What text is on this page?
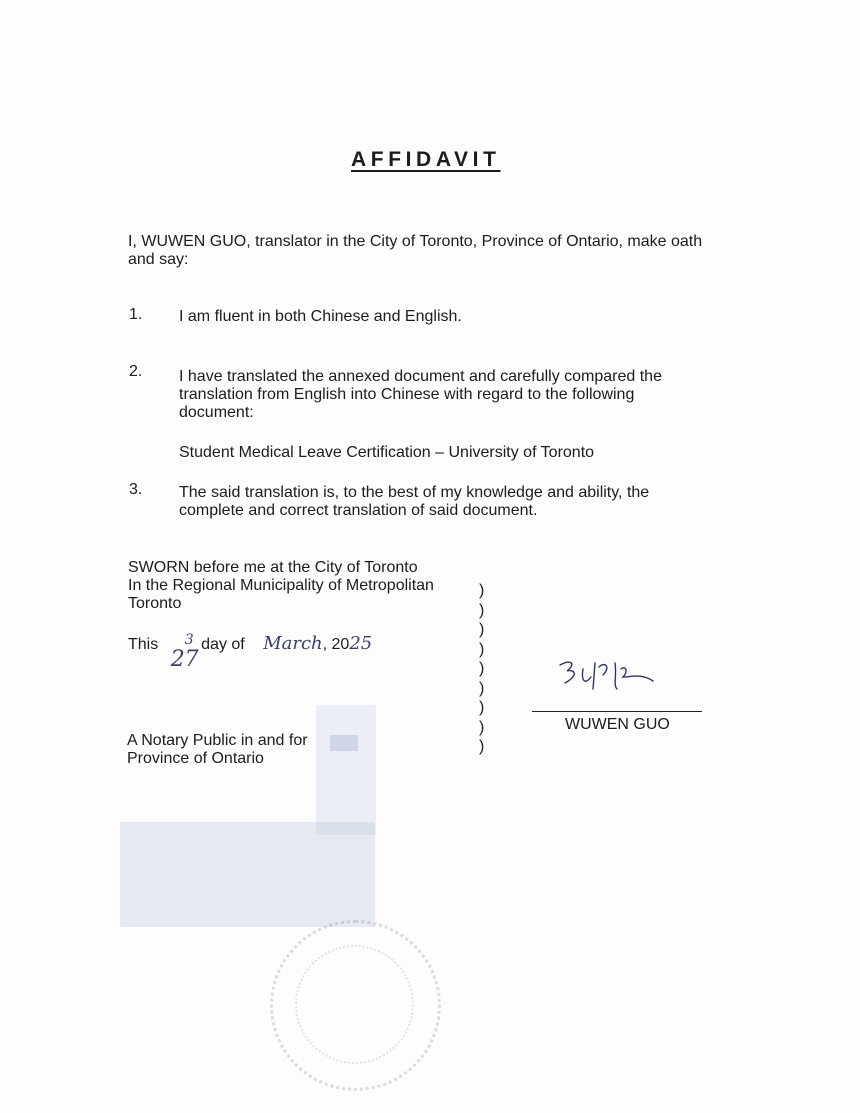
AFFIDAVIT
I, WUWEN GUO, translator in the City of Toronto, Province of Ontario, make oath and say:
1. I am fluent in both Chinese and English.
2. I have translated the annexed document and carefully compared the translation from English into Chinese with regard to the following document:
Student Medical Leave Certification – University of Toronto
3. The said translation is, to the best of my knowledge and ability, the complete and correct translation of said document.
SWORN before me at the City of Toronto
In the Regional Municipality of Metropolitan
Toronto
This
27
3 day of March, 2025
A Notary Public in and for
Province of Ontario
)
)
)
)
)
)
)
)
)
WUWEN GUO
